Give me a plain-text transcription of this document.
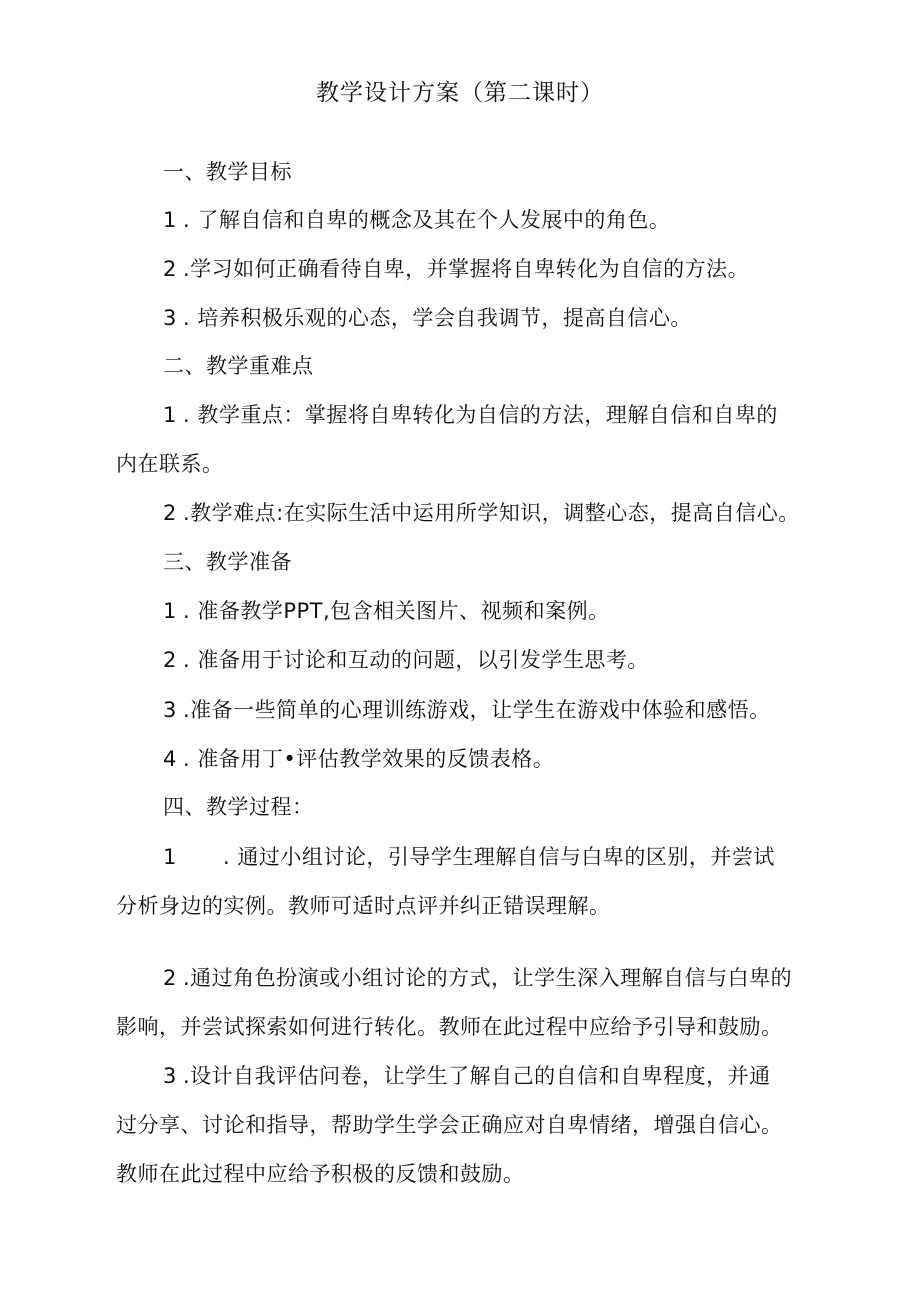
教学设计方案（第二课时）
一、教学目标
1 . 了解自信和自卑的概念及其在个人发展中的角色。
2 .学习如何正确看待自卑，并掌握将自卑转化为自信的方法。
3 . 培养积极乐观的心态，学会自我调节，提高自信心。
二、教学重难点
1 . 教学重点：掌握将自卑转化为自信的方法，理解自信和自卑的
内在联系。
2 .教学难点:在实际生活中运用所学知识，调整心态，提高自信心。
三、教学准备
1 . 准备教学PPT,包含相关图片、视频和案例。
2 . 准备用于讨论和互动的问题，以引发学生思考。
3 .准备一些简单的心理训练游戏，让学生在游戏中体验和感悟。
4 . 准备用丁•评估教学效果的反馈表格。
四、教学过程：
1 . 通过小组讨论，引导学生理解自信与白卑的区别，并尝试
分析身边的实例。教师可适时点评并纠正错误理解。
2 .通过角色扮演或小组讨论的方式，让学生深入理解自信与白卑的
影响，并尝试探索如何进行转化。教师在此过程中应给予引导和鼓励。
3 .设计自我评估问卷，让学生了解自己的自信和自卑程度，并通
过分享、讨论和指导，帮助学生学会正确应对自卑情绪，增强自信心。
教师在此过程中应给予积极的反馈和鼓励。
